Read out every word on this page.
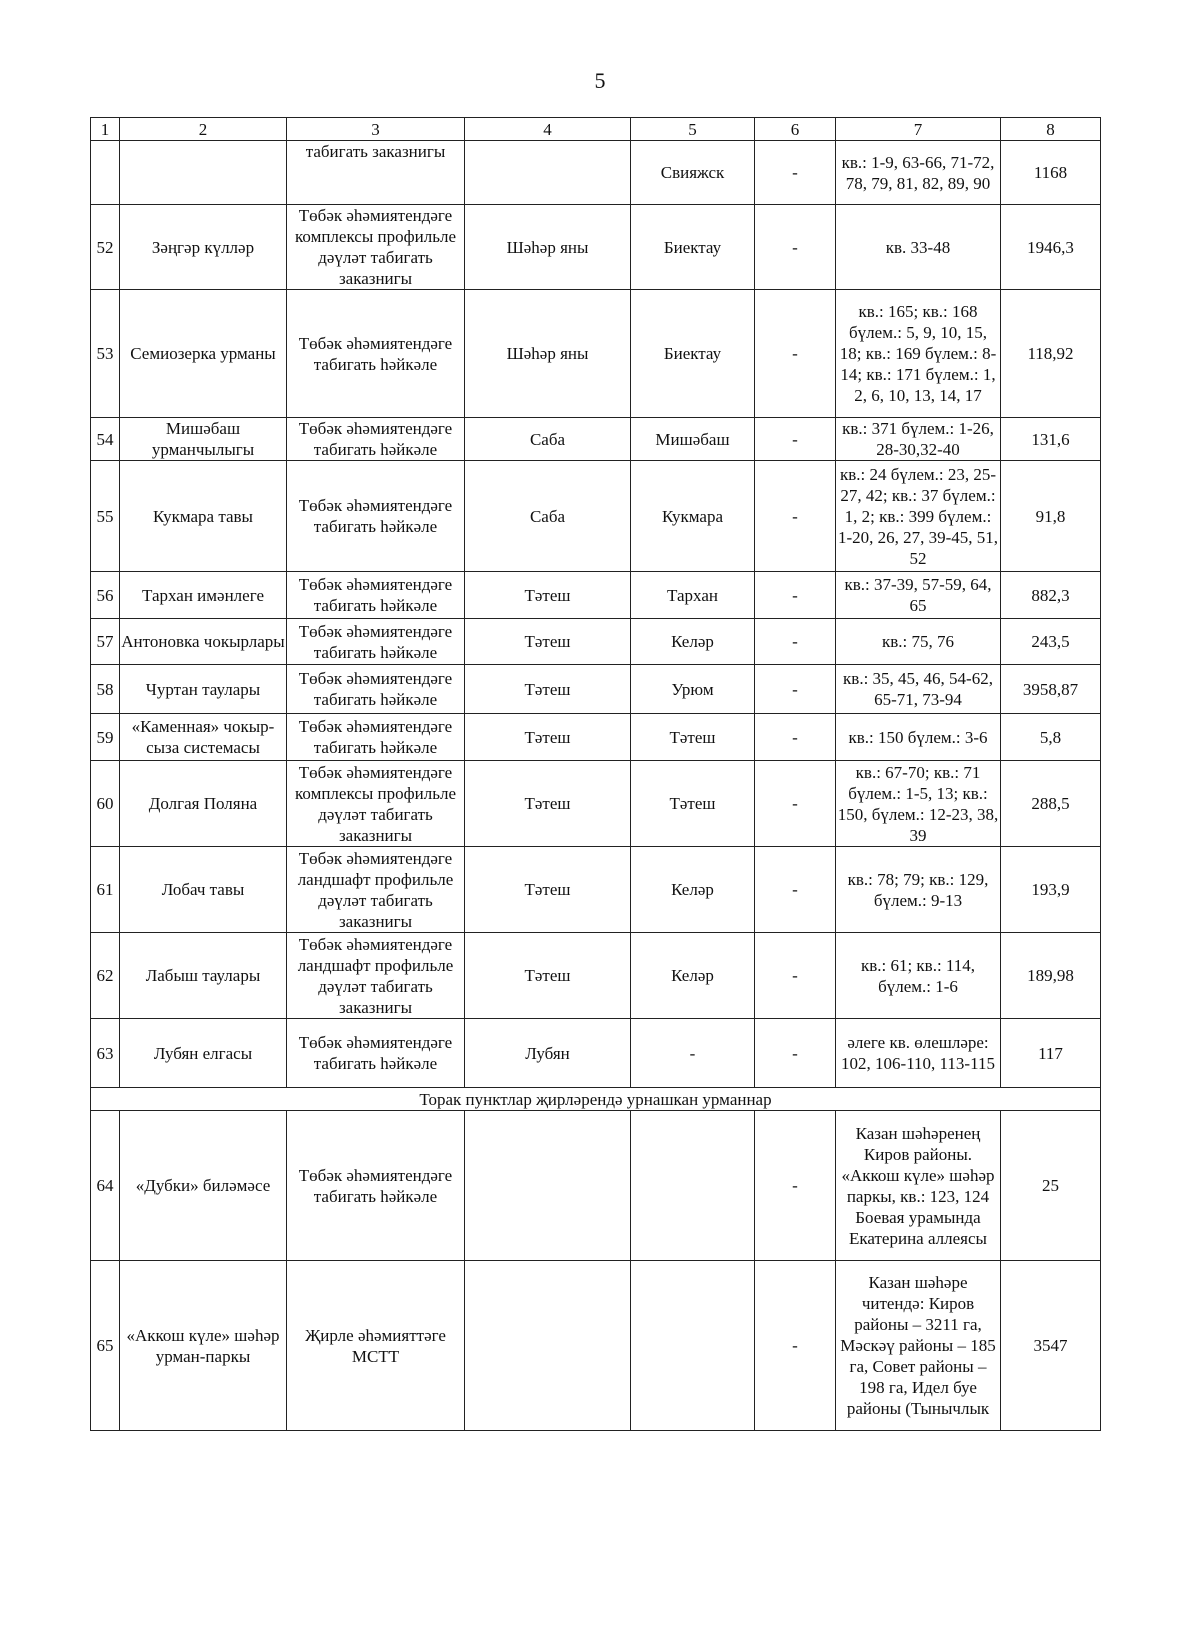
5
1	2	3	4	5	6	7	8
		табигать заказнигы		Свияжск	-	кв.: 1-9, 63-66, 71-72, 78, 79, 81, 82, 89, 90	1168
52	Зәңгәр күлләр	Төбәк әһәмиятендәге комплексы профильле дәүләт табигать заказнигы	Шәһәр яны	Биектау	-	кв. 33-48	1946,3
53	Семиозерка урманы	Төбәк әһәмиятендәге табигать һәйкәле	Шәһәр яны	Биектау	-	кв.: 165; кв.: 168 бүлем.: 5, 9, 10, 15, 18; кв.: 169 бүлем.: 8-14; кв.: 171 бүлем.: 1, 2, 6, 10, 13, 14, 17	118,92
54	Мишәбаш урманчылыгы	Төбәк әһәмиятендәге табигать һәйкәле	Саба	Мишәбаш	-	кв.: 371 бүлем.: 1-26, 28-30,32-40	131,6
55	Кукмара тавы	Төбәк әһәмиятендәге табигать һәйкәле	Саба	Кукмара	-	кв.: 24 бүлем.: 23, 25-27, 42; кв.: 37 бүлем.: 1, 2; кв.: 399 бүлем.: 1-20, 26, 27, 39-45, 51, 52	91,8
56	Тархан имәнлеге	Төбәк әһәмиятендәге табигать һәйкәле	Тәтеш	Тархан	-	кв.: 37-39, 57-59, 64, 65	882,3
57	Антоновка чокырлары	Төбәк әһәмиятендәге табигать һәйкәле	Тәтеш	Келәр	-	кв.: 75, 76	243,5
58	Чуртан таулары	Төбәк әһәмиятендәге табигать һәйкәле	Тәтеш	Урюм	-	кв.: 35, 45, 46, 54-62, 65-71, 73-94	3958,87
59	«Каменная» чокыр-сыза системасы	Төбәк әһәмиятендәге табигать һәйкәле	Тәтеш	Тәтеш	-	кв.: 150 бүлем.: 3-6	5,8
60	Долгая Поляна	Төбәк әһәмиятендәге комплексы профильле дәүләт табигать заказнигы	Тәтеш	Тәтеш	-	кв.: 67-70; кв.: 71 бүлем.: 1-5, 13; кв.: 150, бүлем.: 12-23, 38, 39	288,5
61	Лобач тавы	Төбәк әһәмиятендәге ландшафт профильле дәүләт табигать заказнигы	Тәтеш	Келәр	-	кв.: 78; 79; кв.: 129, бүлем.: 9-13	193,9
62	Лабыш таулары	Төбәк әһәмиятендәге ландшафт профильле дәүләт табигать заказнигы	Тәтеш	Келәр	-	кв.: 61; кв.: 114, бүлем.: 1-6	189,98
63	Лубян елгасы	Төбәк әһәмиятендәге табигать һәйкәле	Лубян	-	-	әлеге кв. өлешләре: 102, 106-110, 113-115	117
Торак пунктлар җирләрендә урнашкан урманнар							
64	«Дубки» биләмәсе	Төбәк әһәмиятендәге табигать һәйкәле			-	Казан шәһәренең Киров районы. «Аккош күле» шәһәр паркы, кв.: 123, 124 Боевая урамында Екатерина аллеясы	25
65	«Аккош күле» шәһәр урман-паркы	Җирле әһәмияттәге МСТТ			-	Казан шәһәре читендә: Киров районы – 3211 га, Мәскәү районы – 185 га, Совет районы – 198 га, Идел буе районы (Тынычлык	3547
